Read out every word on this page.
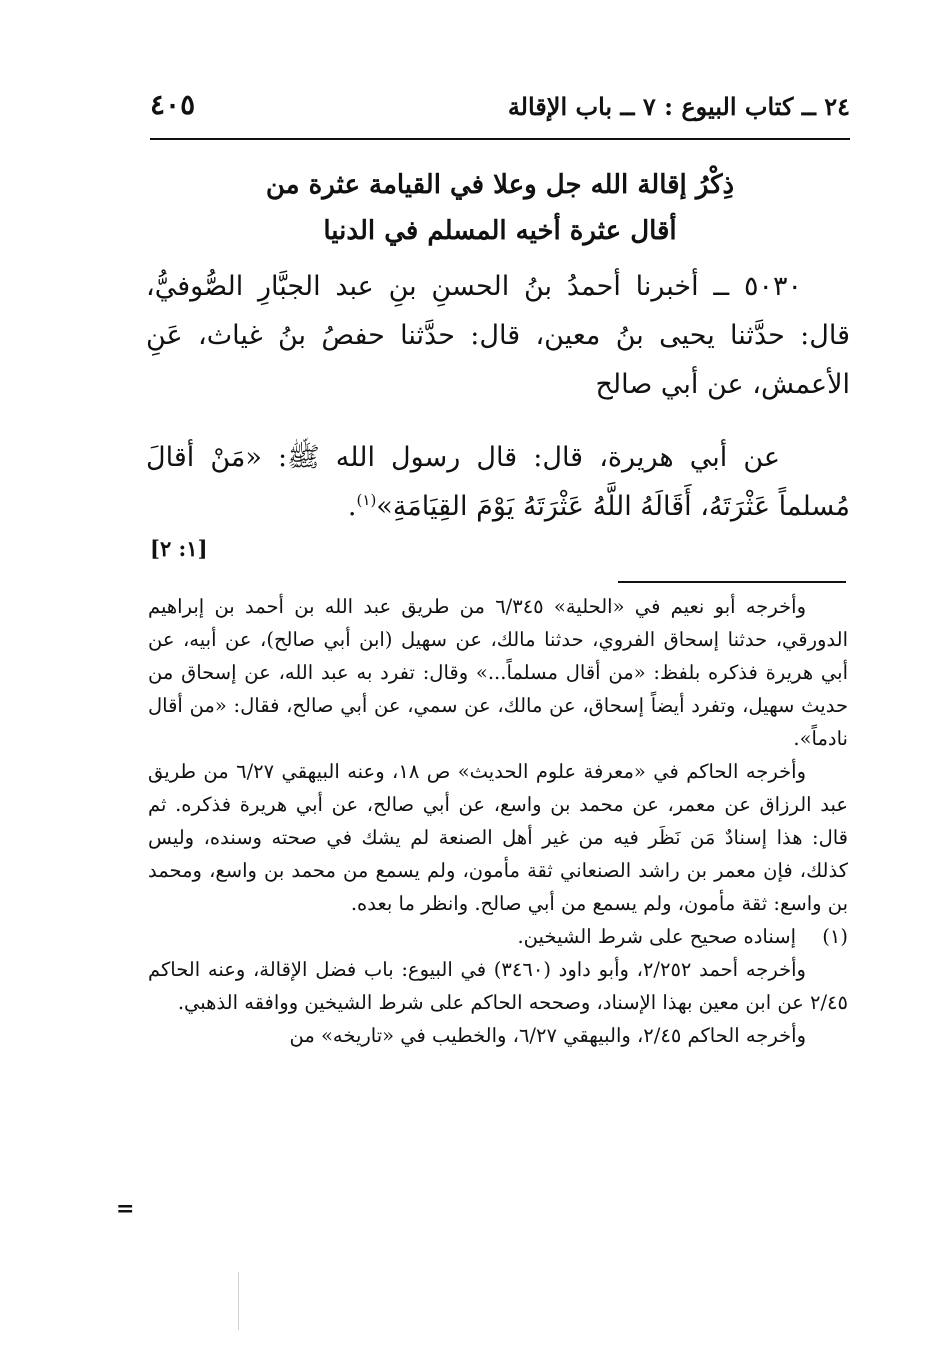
٢٤ ــ كتاب البيوع : ٧ ــ باب الإقالة
٤٠٥
ذِكْرُ إقالة الله جل وعلا في القيامة عثرة من
أقال عثرة أخيه المسلم في الدنيا

٥٠٣٠ ــ أخبرنا أحمدُ بنُ الحسنِ بنِ عبد الجبَّارِ الصُّوفيُّ، قال: حدَّثنا يحيى بنُ معين، قال: حدَّثنا حفصُ بنُ غياث، عَنِ الأعمش، عن أبي صالح

عن أبي هريرة، قال: قال رسول الله ﷺ: «مَنْ أقالَ مُسلماً عَثْرَتَهُ، أَقَالَهُ اللَّهُ عَثْرَتَهُ يَوْمَ القِيَامَةِ»$^{(١)}$.

[١: ٢]

وأخرجه أبو نعيم في «الحلية» ٦/٣٤٥ من طريق عبد الله بن أحمد بن إبراهيم الدورقي، حدثنا إسحاق الفروي، حدثنا مالك، عن سهيل (ابن أبي صالح)، عن أبيه، عن أبي هريرة فذكره بلفظ: «من أقال مسلماً...» وقال: تفرد به عبد الله، عن إسحاق من حديث سهيل، وتفرد أيضاً إسحاق، عن مالك، عن سمي، عن أبي صالح، فقال: «من أقال نادماً».

وأخرجه الحاكم في «معرفة علوم الحديث» ص ١٨، وعنه البيهقي ٦/٢٧ من طريق عبد الرزاق عن معمر، عن محمد بن واسع، عن أبي صالح، عن أبي هريرة فذكره. ثم قال: هذا إسنادٌ مَن نَظَر فيه من غير أهل الصنعة لم يشك في صحته وسنده، وليس كذلك، فإن معمر بن راشد الصنعاني ثقة مأمون، ولم يسمع من محمد بن واسع، ومحمد بن واسع: ثقة مأمون، ولم يسمع من أبي صالح. وانظر ما بعده.

(١)إسناده صحيح على شرط الشيخين.

وأخرجه أحمد ٢/٢٥٢، وأبو داود (٣٤٦٠) في البيوع: باب فضل الإقالة، وعنه الحاكم ٢/٤٥ عن ابن معين بهذا الإسناد، وصححه الحاكم على شرط الشيخين ووافقه الذهبي.

وأخرجه الحاكم ٢/٤٥، والبيهقي ٦/٢٧، والخطيب في «تاريخه» من

=
